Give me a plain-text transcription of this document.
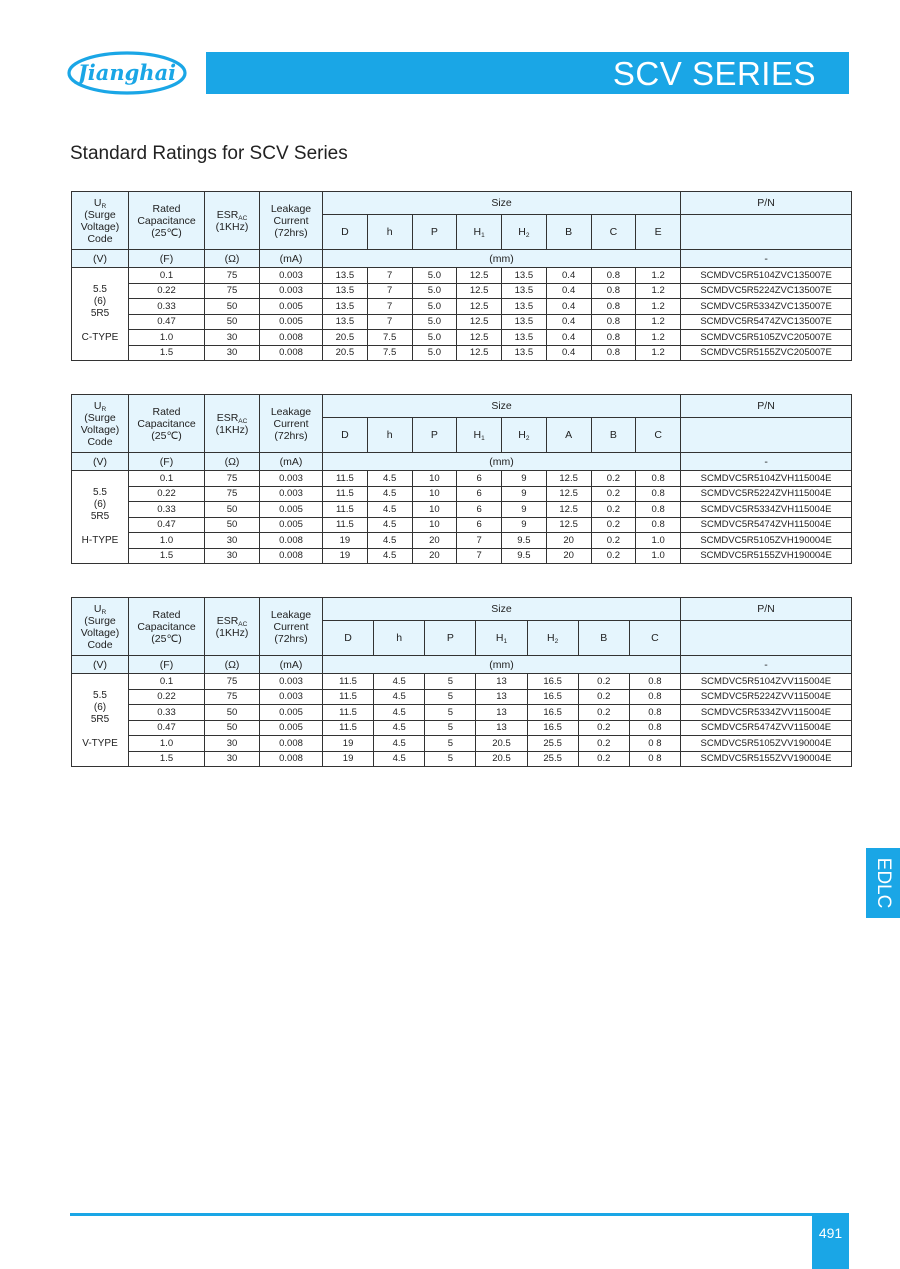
Jianghai	SCV SERIES
Standard Ratings for SCV Series
$U_R$
(Surge
Voltage)
Code	Rated
Capacitance
(25℃)	$ESR_{AC}$
(1KHz)	Leakage
Current
(72hrs)	Size								P/N
				D	h	P	$H_1$	$H_2$	B	C	E	
(V)	(F)	(Ω)	(mA)	(mm)								-
5.5
(6)
5R5

C-TYPE	0.1	75	0.003	13.5	7	5.0	12.5	13.5	0.4	0.8	1.2	SCMDVC5R5104ZVC135007E
	0.22	75	0.003	13.5	7	5.0	12.5	13.5	0.4	0.8	1.2	SCMDVC5R5224ZVC135007E
	0.33	50	0.005	13.5	7	5.0	12.5	13.5	0.4	0.8	1.2	SCMDVC5R5334ZVC135007E
	0.47	50	0.005	13.5	7	5.0	12.5	13.5	0.4	0.8	1.2	SCMDVC5R5474ZVC135007E
	1.0	30	0.008	20.5	7.5	5.0	12.5	13.5	0.4	0.8	1.2	SCMDVC5R5105ZVC205007E
	1.5	30	0.008	20.5	7.5	5.0	12.5	13.5	0.4	0.8	1.2	SCMDVC5R5155ZVC205007E
$U_R$
(Surge
Voltage)
Code	Rated
Capacitance
(25℃)	$ESR_{AC}$
(1KHz)	Leakage
Current
(72hrs)	Size								P/N
				D	h	P	$H_1$	$H_2$	A	B	C	
(V)	(F)	(Ω)	(mA)	(mm)								-
5.5
(6)
5R5

H-TYPE	0.1	75	0.003	11.5	4.5	10	6	9	12.5	0.2	0.8	SCMDVC5R5104ZVH115004E
	0.22	75	0.003	11.5	4.5	10	6	9	12.5	0.2	0.8	SCMDVC5R5224ZVH115004E
	0.33	50	0.005	11.5	4.5	10	6	9	12.5	0.2	0.8	SCMDVC5R5334ZVH115004E
	0.47	50	0.005	11.5	4.5	10	6	9	12.5	0.2	0.8	SCMDVC5R5474ZVH115004E
	1.0	30	0.008	19	4.5	20	7	9.5	20	0.2	1.0	SCMDVC5R5105ZVH190004E
	1.5	30	0.008	19	4.5	20	7	9.5	20	0.2	1.0	SCMDVC5R5155ZVH190004E
$U_R$
(Surge
Voltage)
Code	Rated
Capacitance
(25℃)	$ESR_{AC}$
(1KHz)	Leakage
Current
(72hrs)	Size							P/N
				D	h	P	$H_1$	$H_2$	B	C	
(V)	(F)	(Ω)	(mA)	(mm)							-
5.5
(6)
5R5

V-TYPE	0.1	75	0.003	11.5	4.5	5	13	16.5	0.2	0.8	SCMDVC5R5104ZVV115004E
	0.22	75	0.003	11.5	4.5	5	13	16.5	0.2	0.8	SCMDVC5R5224ZVV115004E
	0.33	50	0.005	11.5	4.5	5	13	16.5	0.2	0.8	SCMDVC5R5334ZVV115004E
	0.47	50	0.005	11.5	4.5	5	13	16.5	0.2	0.8	SCMDVC5R5474ZVV115004E
	1.0	30	0.008	19	4.5	5	20.5	25.5	0.2	0 8	SCMDVC5R5105ZVV190004E
	1.5	30	0.008	19	4.5	5	20.5	25.5	0.2	0 8	SCMDVC5R5155ZVV190004E
EDLC
491
